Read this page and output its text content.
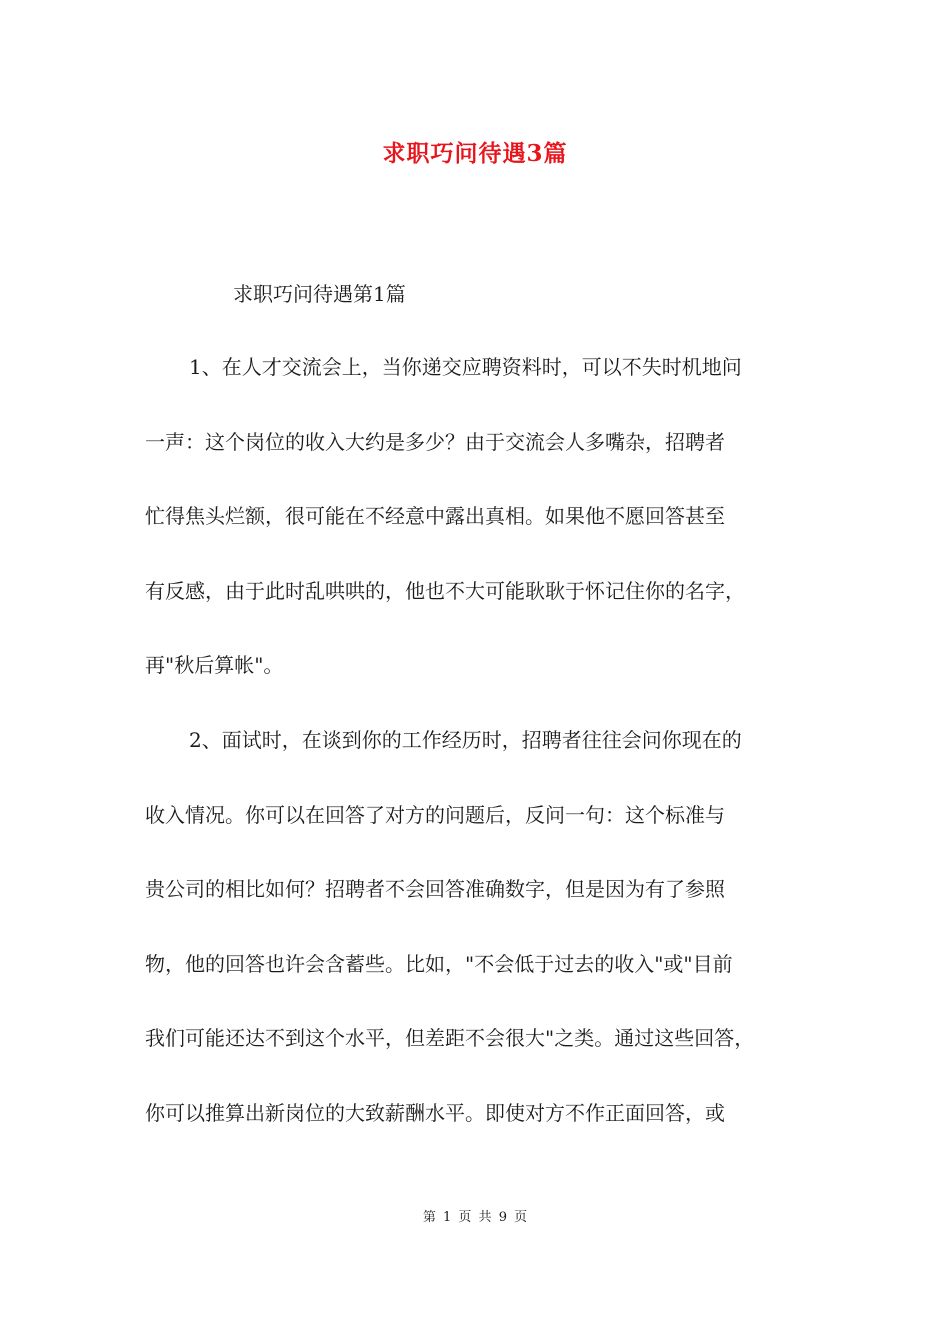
求职巧问待遇3篇
求职巧问待遇第1篇
1、在人才交流会上，当你递交应聘资料时，可以不失时机地问
一声：这个岗位的收入大约是多少？由于交流会人多嘴杂，招聘者
忙得焦头烂额，很可能在不经意中露出真相。如果他不愿回答甚至
有反感，由于此时乱哄哄的，他也不大可能耿耿于怀记住你的名字，
再"秋后算帐"。
2、面试时，在谈到你的工作经历时，招聘者往往会问你现在的
收入情况。你可以在回答了对方的问题后，反问一句：这个标准与
贵公司的相比如何？招聘者不会回答准确数字，但是因为有了参照
物，他的回答也许会含蓄些。比如，"不会低于过去的收入"或"目前
我们可能还达不到这个水平，但差距不会很大"之类。通过这些回答，
你可以推算出新岗位的大致薪酬水平。即使对方不作正面回答，或
第 1 页 共 9 页
